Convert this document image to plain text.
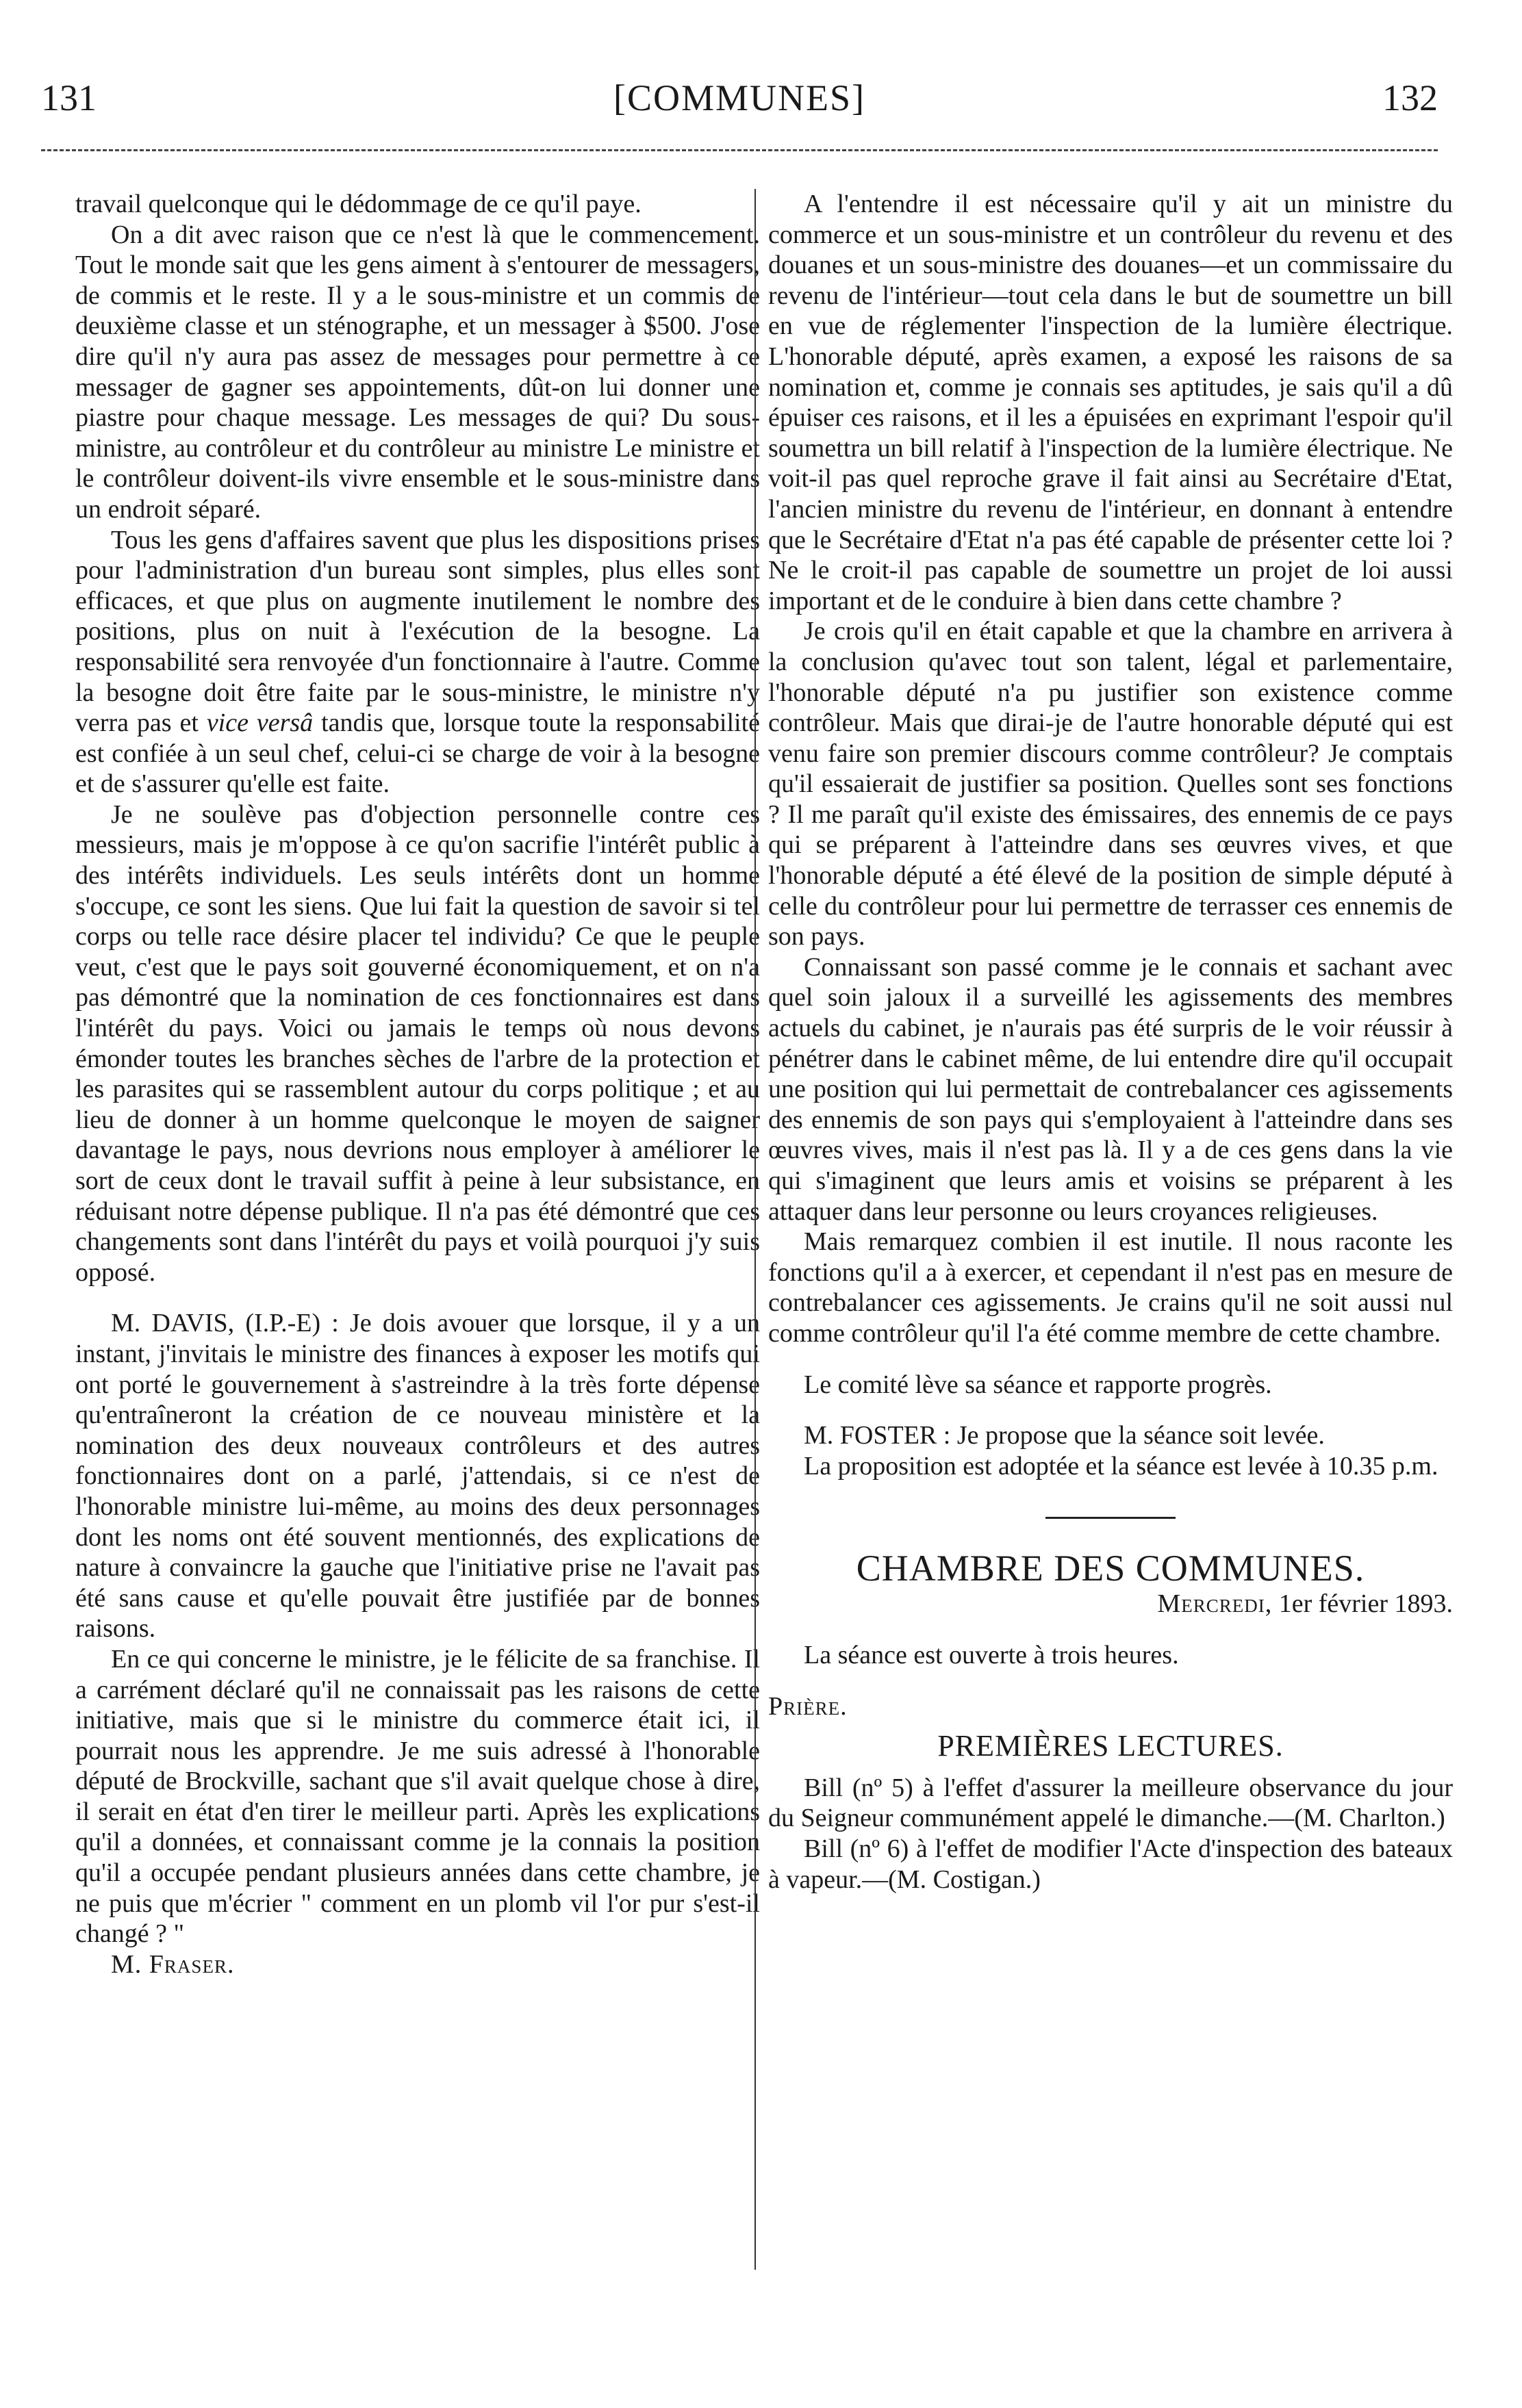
131	[COMMUNES]	132

travail quelconque qui le dédommage de ce qu'il paye.

On a dit avec raison que ce n'est là que le commencement. Tout le monde sait que les gens aiment à s'entourer de messagers, de commis et le reste. Il y a le sous-ministre et un commis de deuxième classe et un sténographe, et un messager à $500. J'ose dire qu'il n'y aura pas assez de messages pour permettre à ce messager de gagner ses appointements, dût-on lui donner une piastre pour chaque message. Les messages de qui? Du sous-ministre, au contrôleur et du contrôleur au ministre Le ministre et le contrôleur doivent-ils vivre ensemble et le sous-ministre dans un endroit séparé.

Tous les gens d'affaires savent que plus les dispositions prises pour l'administration d'un bureau sont simples, plus elles sont efficaces, et que plus on augmente inutilement le nombre des positions, plus on nuit à l'exécution de la besogne. La responsabilité sera renvoyée d'un fonctionnaire à l'autre. Comme la besogne doit être faite par le sous-ministre, le ministre n'y verra pas et vice versâ tandis que, lorsque toute la responsabilité est confiée à un seul chef, celui-ci se charge de voir à la besogne et de s'assurer qu'elle est faite.

Je ne soulève pas d'objection personnelle contre ces messieurs, mais je m'oppose à ce qu'on sacrifie l'intérêt public à des intérêts individuels. Les seuls intérêts dont un homme s'occupe, ce sont les siens. Que lui fait la question de savoir si tel corps ou telle race désire placer tel individu? Ce que le peuple veut, c'est que le pays soit gouverné économiquement, et on n'a pas démontré que la nomination de ces fonctionnaires est dans l'intérêt du pays. Voici ou jamais le temps où nous devons émonder toutes les branches sèches de l'arbre de la protection et les parasites qui se rassemblent autour du corps politique ; et au lieu de donner à un homme quelconque le moyen de saigner davantage le pays, nous devrions nous employer à améliorer le sort de ceux dont le travail suffit à peine à leur subsistance, en réduisant notre dépense publique. Il n'a pas été démontré que ces changements sont dans l'intérêt du pays et voilà pourquoi j'y suis opposé.

M. DAVIS, (I.P.-E) : Je dois avouer que lorsque, il y a un instant, j'invitais le ministre des finances à exposer les motifs qui ont porté le gouvernement à s'astreindre à la très forte dépense qu'entraîneront la création de ce nouveau ministère et la nomination des deux nouveaux contrôleurs et des autres fonctionnaires dont on a parlé, j'attendais, si ce n'est de l'honorable ministre lui-même, au moins des deux personnages dont les noms ont été souvent mentionnés, des explications de nature à convaincre la gauche que l'initiative prise ne l'avait pas été sans cause et qu'elle pouvait être justifiée par de bonnes raisons.

En ce qui concerne le ministre, je le félicite de sa franchise. Il a carrément déclaré qu'il ne connaissait pas les raisons de cette initiative, mais que si le ministre du commerce était ici, il pourrait nous les apprendre. Je me suis adressé à l'honorable député de Brockville, sachant que s'il avait quelque chose à dire, il serait en état d'en tirer le meilleur parti. Après les explications qu'il a données, et connaissant comme je la connais la position qu'il a occupée pendant plusieurs années dans cette chambre, je ne puis que m'écrier " comment en un plomb vil l'or pur s'est-il changé ? "

M. Fraser.

A l'entendre il est nécessaire qu'il y ait un ministre du commerce et un sous-ministre et un contrôleur du revenu et des douanes et un sous-ministre des douanes—et un commissaire du revenu de l'intérieur—tout cela dans le but de soumettre un bill en vue de réglementer l'inspection de la lumière électrique. L'honorable député, après examen, a exposé les raisons de sa nomination et, comme je connais ses aptitudes, je sais qu'il a dû épuiser ces raisons, et il les a épuisées en exprimant l'espoir qu'il soumettra un bill relatif à l'inspection de la lumière électrique. Ne voit-il pas quel reproche grave il fait ainsi au Secrétaire d'Etat, l'ancien ministre du revenu de l'intérieur, en donnant à entendre que le Secrétaire d'Etat n'a pas été capable de présenter cette loi ? Ne le croit-il pas capable de soumettre un projet de loi aussi important et de le conduire à bien dans cette chambre ?

Je crois qu'il en était capable et que la chambre en arrivera à la conclusion qu'avec tout son talent, légal et parlementaire, l'honorable député n'a pu justifier son existence comme contrôleur. Mais que dirai-je de l'autre honorable député qui est venu faire son premier discours comme contrôleur? Je comptais qu'il essaierait de justifier sa position. Quelles sont ses fonctions ? Il me paraît qu'il existe des émissaires, des ennemis de ce pays qui se préparent à l'atteindre dans ses œuvres vives, et que l'honorable député a été élevé de la position de simple député à celle du contrôleur pour lui permettre de terrasser ces ennemis de son pays.

Connaissant son passé comme je le connais et sachant avec quel soin jaloux il a surveillé les agissements des membres actuels du cabinet, je n'aurais pas été surpris de le voir réussir à pénétrer dans le cabinet même, de lui entendre dire qu'il occupait une position qui lui permettait de contrebalancer ces agissements des ennemis de son pays qui s'employaient à l'atteindre dans ses œuvres vives, mais il n'est pas là. Il y a de ces gens dans la vie qui s'imaginent que leurs amis et voisins se préparent à les attaquer dans leur personne ou leurs croyances religieuses.

Mais remarquez combien il est inutile. Il nous raconte les fonctions qu'il a à exercer, et cependant il n'est pas en mesure de contrebalancer ces agissements. Je crains qu'il ne soit aussi nul comme contrôleur qu'il l'a été comme membre de cette chambre.

Le comité lève sa séance et rapporte progrès.

M. FOSTER : Je propose que la séance soit levée.

La proposition est adoptée et la séance est levée à 10.35 p.m.

CHAMBRE DES COMMUNES.

Mercredi, 1er février 1893.

La séance est ouverte à trois heures.

Prière.

PREMIÈRES LECTURES.

Bill (nº 5) à l'effet d'assurer la meilleure observance du jour du Seigneur communément appelé le dimanche.—(M. Charlton.)

Bill (nº 6) à l'effet de modifier l'Acte d'inspection des bateaux à vapeur.—(M. Costigan.)
